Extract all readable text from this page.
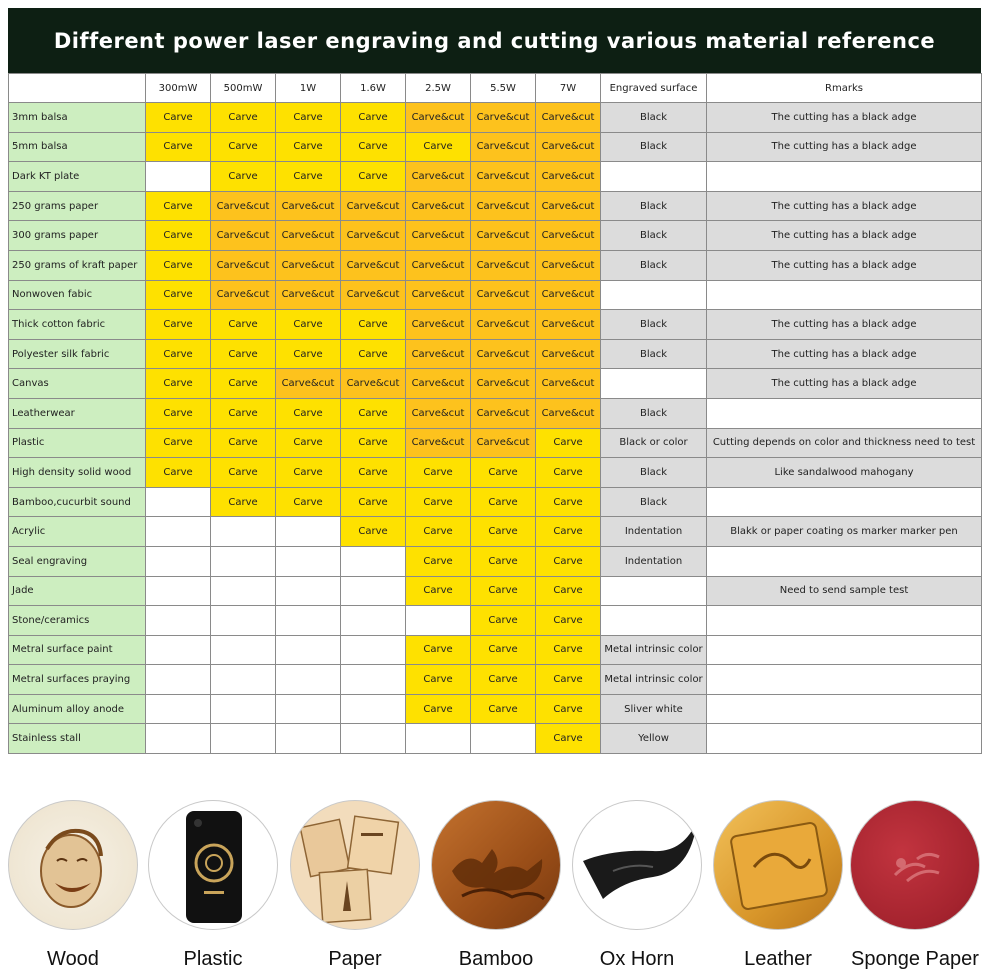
Different power laser engraving and cutting various material reference
	300mW	500mW	1W	1.6W	2.5W	5.5W	7W	Engraved surface	Rmarks
3mm balsa	Carve	Carve	Carve	Carve	Carve&cut	Carve&cut	Carve&cut	Black	The cutting has a black adge
5mm balsa	Carve	Carve	Carve	Carve	Carve	Carve&cut	Carve&cut	Black	The cutting has a black adge
Dark KT plate		Carve	Carve	Carve	Carve&cut	Carve&cut	Carve&cut		
250 grams paper	Carve	Carve&cut	Carve&cut	Carve&cut	Carve&cut	Carve&cut	Carve&cut	Black	The cutting has a black adge
300 grams paper	Carve	Carve&cut	Carve&cut	Carve&cut	Carve&cut	Carve&cut	Carve&cut	Black	The cutting has a black adge
250 grams of kraft paper	Carve	Carve&cut	Carve&cut	Carve&cut	Carve&cut	Carve&cut	Carve&cut	Black	The cutting has a black adge
Nonwoven fabic	Carve	Carve&cut	Carve&cut	Carve&cut	Carve&cut	Carve&cut	Carve&cut		
Thick cotton fabric	Carve	Carve	Carve	Carve	Carve&cut	Carve&cut	Carve&cut	Black	The cutting has a black adge
Polyester silk fabric	Carve	Carve	Carve	Carve	Carve&cut	Carve&cut	Carve&cut	Black	The cutting has a black adge
Canvas	Carve	Carve	Carve&cut	Carve&cut	Carve&cut	Carve&cut	Carve&cut		The cutting has a black adge
Leatherwear	Carve	Carve	Carve	Carve	Carve&cut	Carve&cut	Carve&cut	Black	
Plastic	Carve	Carve	Carve	Carve	Carve&cut	Carve&cut	Carve	Black or color	Cutting depends on color and thickness need to test
High density solid wood	Carve	Carve	Carve	Carve	Carve	Carve	Carve	Black	Like sandalwood mahogany
Bamboo,cucurbit sound		Carve	Carve	Carve	Carve	Carve	Carve	Black	
Acrylic				Carve	Carve	Carve	Carve	Indentation	Blakk or paper coating os marker marker pen
Seal engraving					Carve	Carve	Carve	Indentation	
Jade					Carve	Carve	Carve		Need to send sample test
Stone/ceramics						Carve	Carve		
Metral surface paint					Carve	Carve	Carve	Metal intrinsic color	
Metral surfaces praying					Carve	Carve	Carve	Metal intrinsic color	
Aluminum alloy anode					Carve	Carve	Carve	Sliver white	
Stainless stall							Carve	Yellow	
Wood	Plastic	Paper	Bamboo	Ox Horn	Leather	Sponge Paper
